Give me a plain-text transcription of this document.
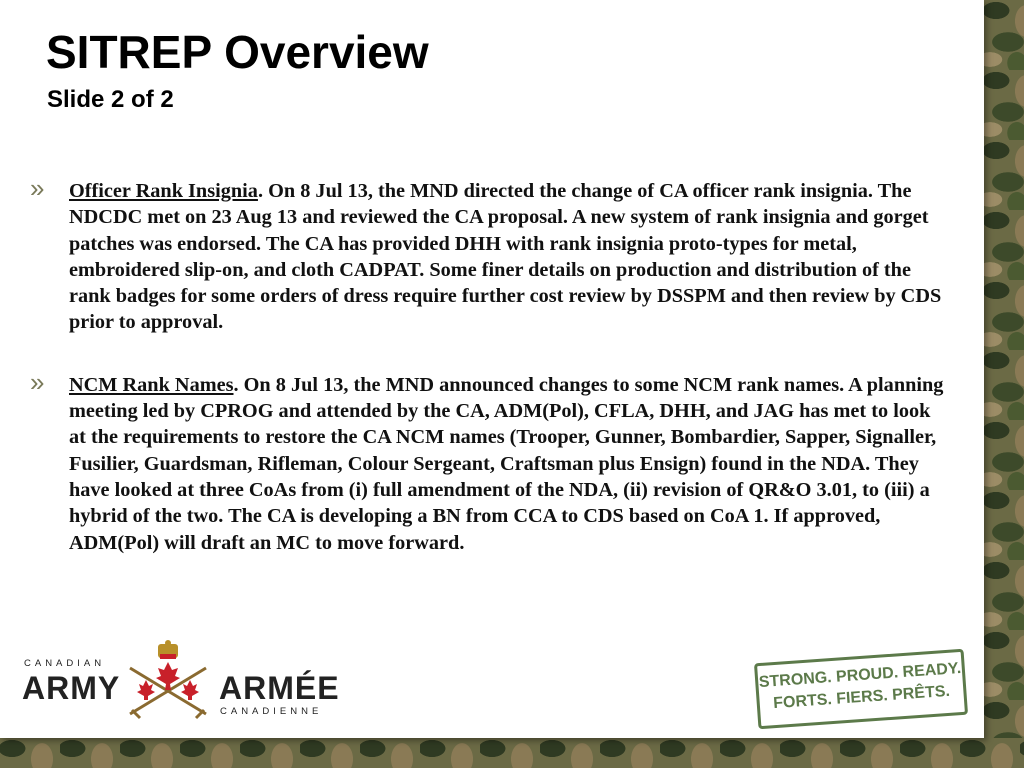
SITREP Overview
Slide 2 of 2
» Officer Rank Insignia. On 8 Jul 13, the MND directed the change of CA officer rank insignia. The NDCDC met on 23 Aug 13 and reviewed the CA proposal. A new system of rank insignia and gorget patches was endorsed. The CA has provided DHH with rank insignia proto-types for metal, embroidered slip-on, and cloth CADPAT. Some finer details on production and distribution of the rank badges for some orders of dress require further cost review by DSSPM and then review by CDS prior to approval.
» NCM Rank Names. On 8 Jul 13, the MND announced changes to some NCM rank names. A planning meeting led by CPROG and attended by the CA, ADM(Pol), CFLA, DHH, and JAG has met to look at the requirements to restore the CA NCM names (Trooper, Gunner, Bombardier, Sapper, Signaller, Fusilier, Guardsman, Rifleman, Colour Sergeant, Craftsman plus Ensign) found in the NDA. They have looked at three CoAs from (i) full amendment of the NDA, (ii) revision of QR&O 3.01, to (iii) a hybrid of the two. The CA is developing a BN from CCA to CDS based on CoA 1. If approved, ADM(Pol) will draft an MC to move forward.
CANADIAN
ARMY	ARMÉE
CANADIENNE
STRONG. PROUD. READY.
FORTS. FIERS. PRÊTS.
